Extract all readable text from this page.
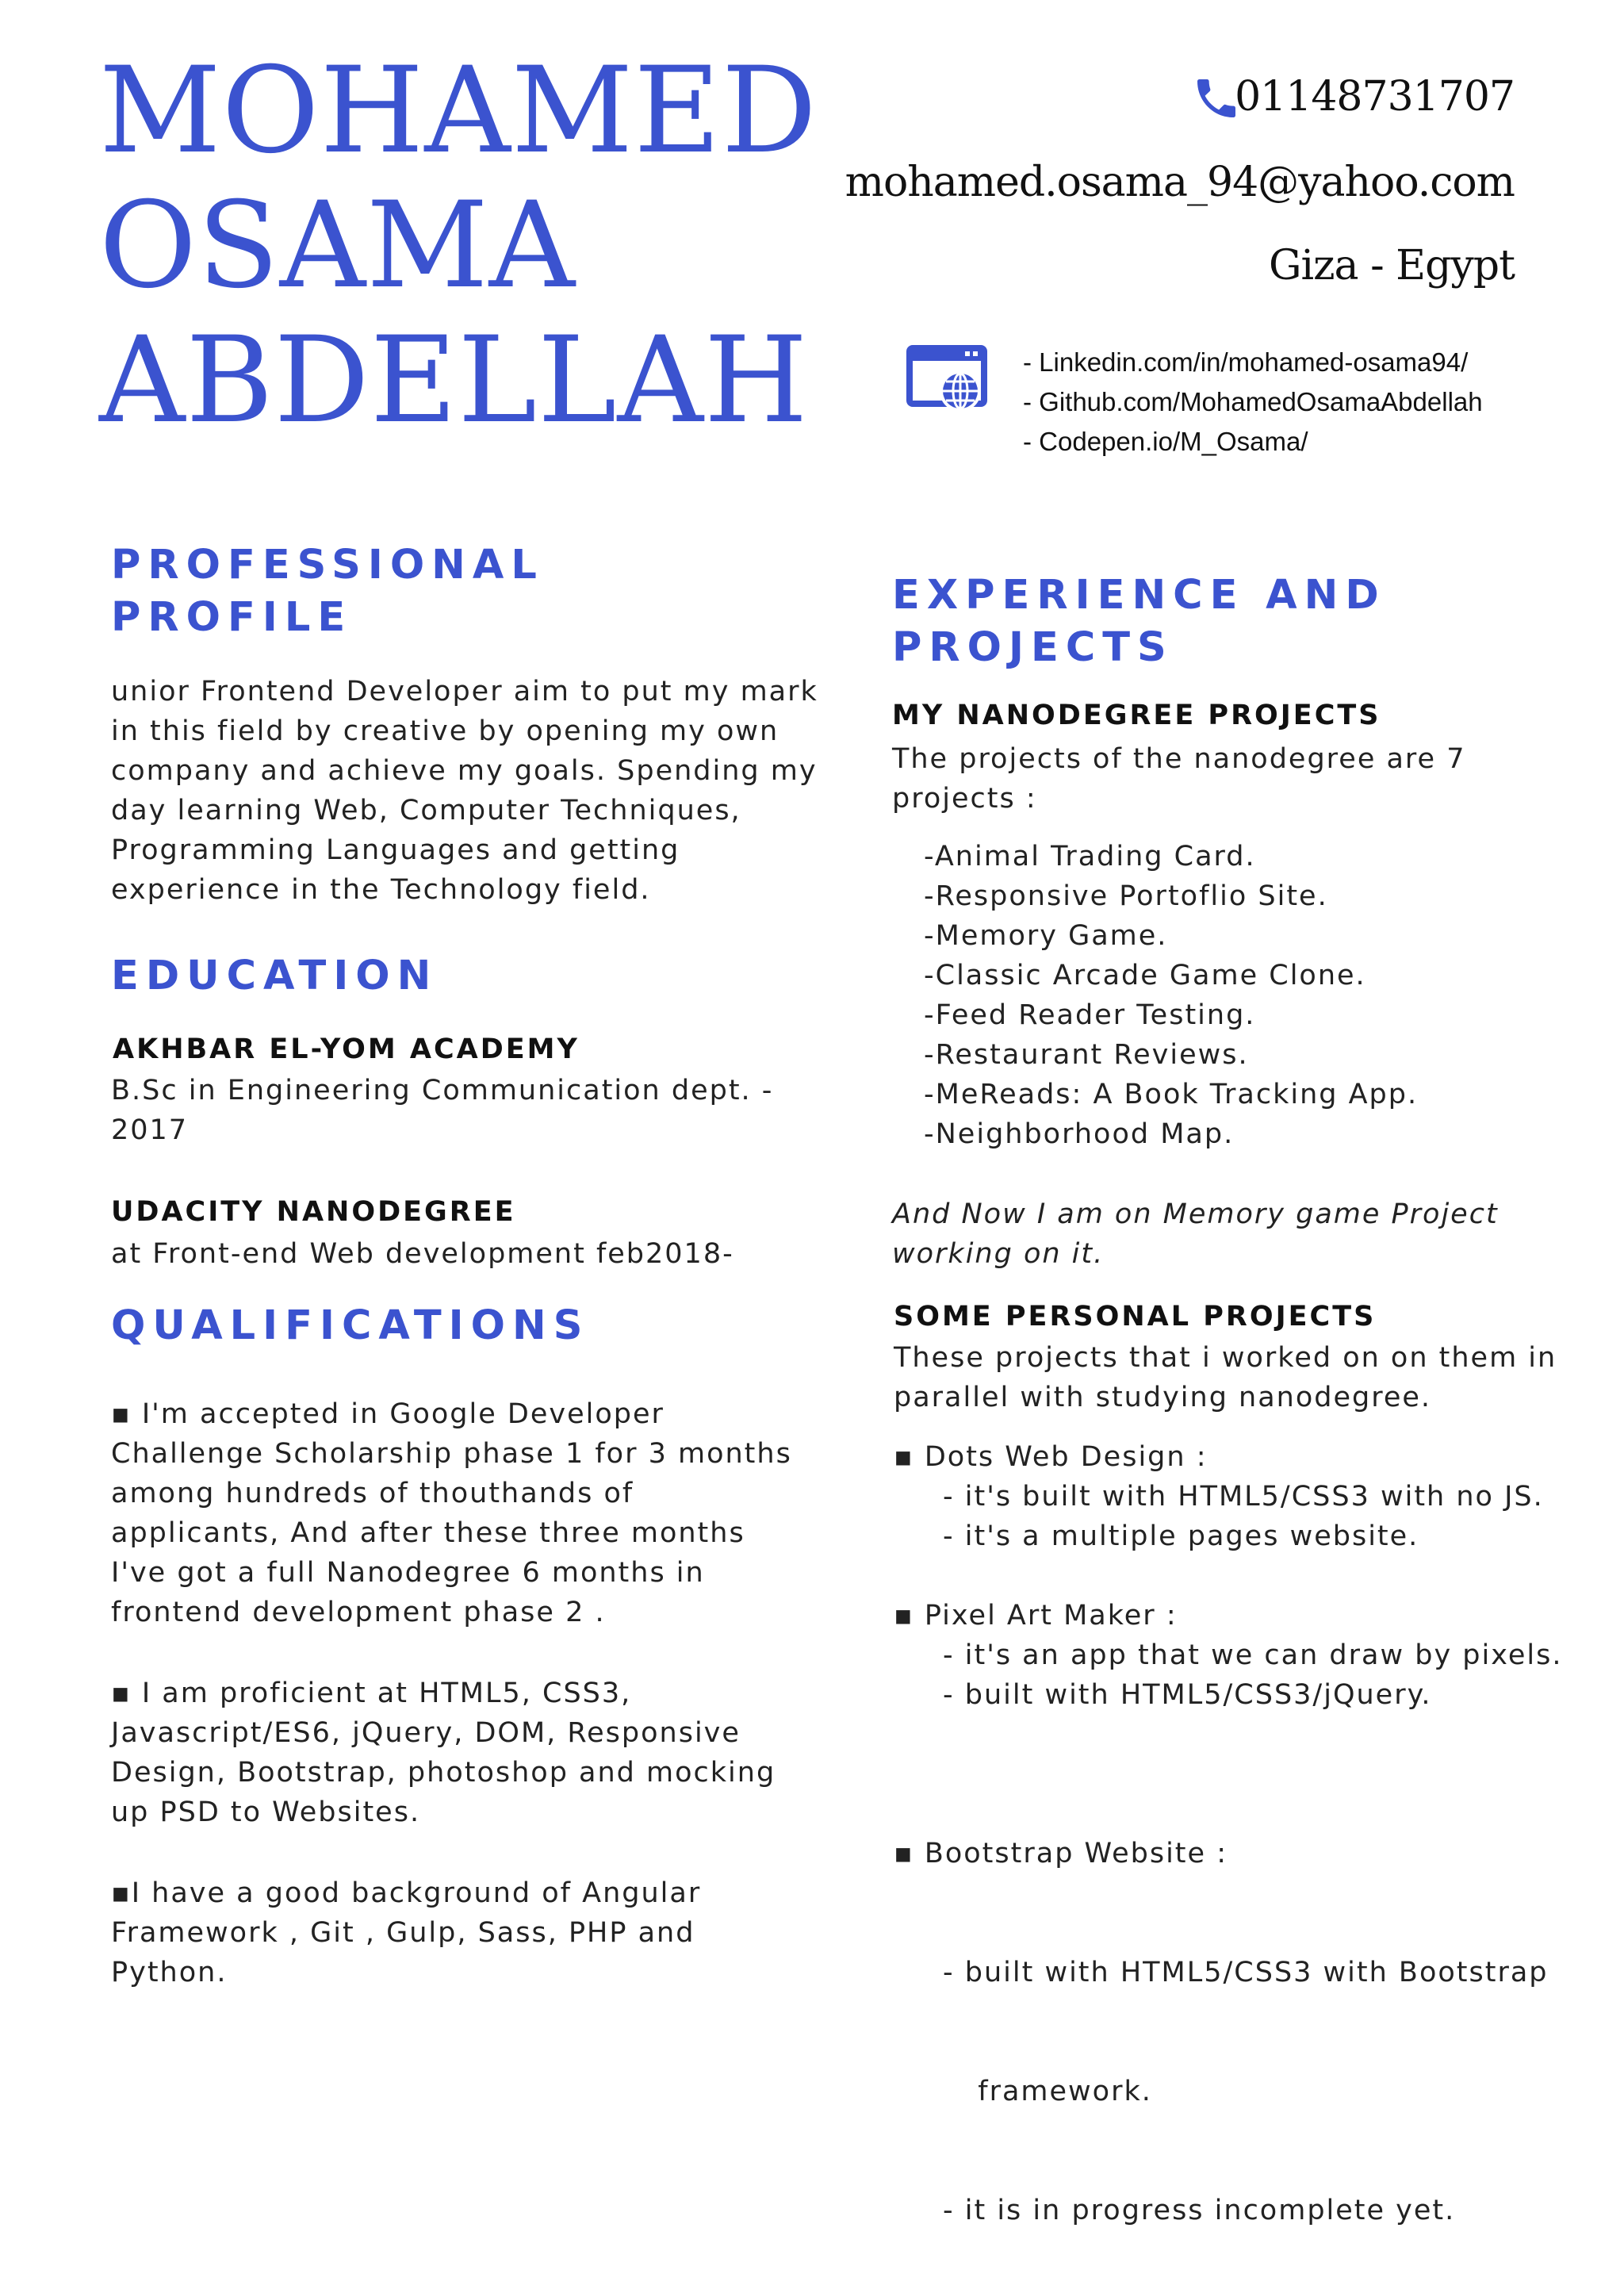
MOHAMED
OSAMA
ABDELLAH
01148731707
mohamed.osama_94@yahoo.com
Giza - Egypt
- Linkedin.com/in/mohamed-osama94/
- Github.com/MohamedOsamaAbdellah
- Codepen.io/M_Osama/
PROFESSIONAL
PROFILE
unior Frontend Developer aim to put my mark
in this field by creative by opening my own
company and achieve my goals. Spending my
day learning Web, Computer Techniques,
Programming Languages and getting
experience in the Technology field.
EDUCATION
AKHBAR EL-YOM ACADEMY
B.Sc in Engineering Communication dept. -
2017
UDACITY NANODEGREE
at Front-end Web development feb2018-
QUALIFICATIONS
▪ I'm accepted in Google Developer
Challenge Scholarship phase 1 for 3 months
among hundreds of thouthands of
applicants, And after these three months
I've got a full Nanodegree 6 months in
frontend development phase 2 .
▪ I am proficient at HTML5, CSS3,
Javascript/ES6, jQuery, DOM, Responsive
Design, Bootstrap, photoshop and mocking
up PSD to Websites.
▪I have a good background of Angular
Framework , Git , Gulp, Sass, PHP and
Python.
EXPERIENCE AND
PROJECTS
MY NANODEGREE PROJECTS
The projects of the nanodegree are 7
projects :
-Animal Trading Card.
-Responsive Portoflio Site.
-Memory Game.
-Classic Arcade Game Clone.
-Feed Reader Testing.
-Restaurant Reviews.
-MeReads: A Book Tracking App.
-Neighborhood Map.
And Now I am on Memory game Project
working on it.
SOME PERSONAL PROJECTS
These projects that i worked on on them in
parallel with studying nanodegree.
▪ Dots Web Design :
- it's built with HTML5/CSS3 with no JS.
- it's a multiple pages website.
▪ Pixel Art Maker :
- it's an app that we can draw by pixels.
- built with HTML5/CSS3/jQuery.

▪ Bootstrap Website :

- built with HTML5/CSS3 with Bootstrap

framework.

- it is in progress incomplete yet.
